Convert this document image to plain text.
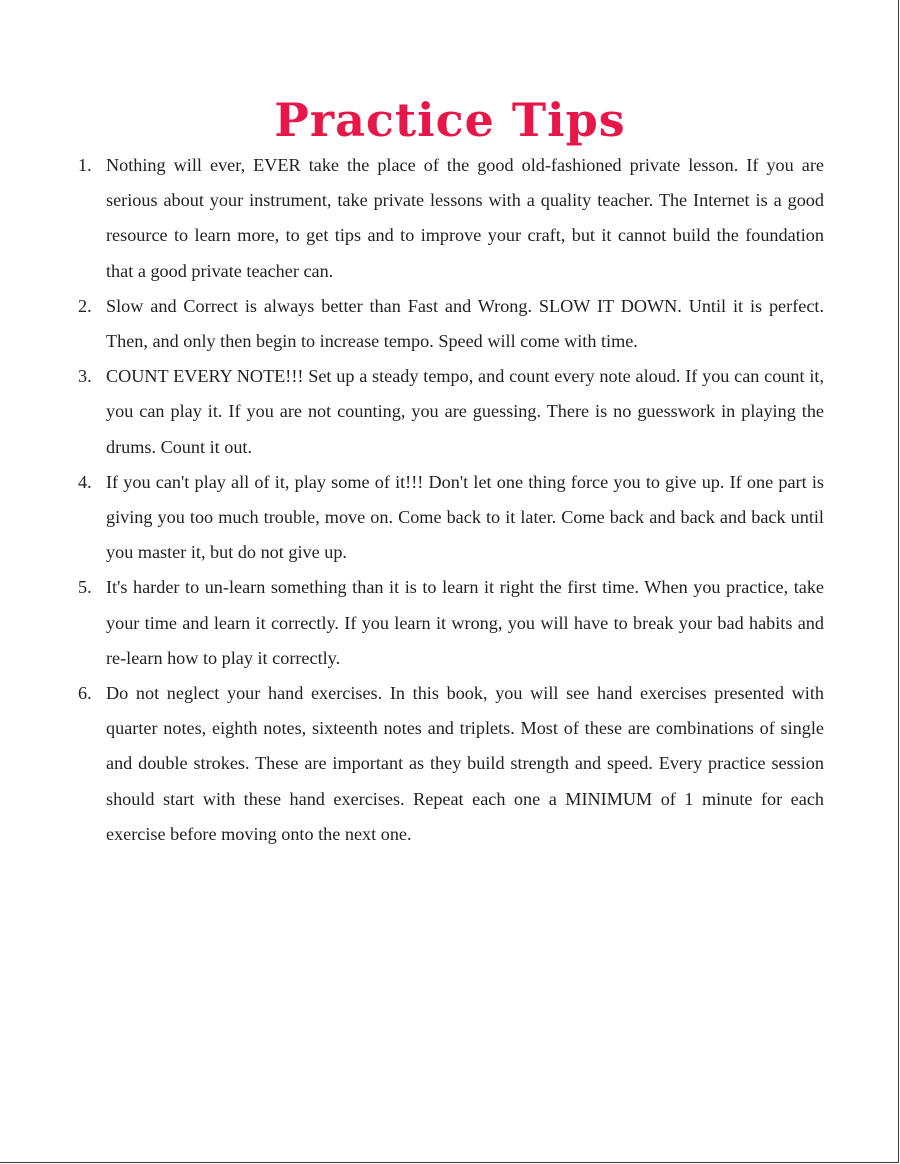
Practice Tips
1. Nothing will ever, EVER take the place of the good old-fashioned private lesson. If you are serious about your instrument, take private lessons with a quality teacher. The Internet is a good resource to learn more, to get tips and to improve your craft, but it cannot build the foundation that a good private teacher can.
2. Slow and Correct is always better than Fast and Wrong. SLOW IT DOWN. Until it is perfect. Then, and only then begin to increase tempo. Speed will come with time.
3. COUNT EVERY NOTE!!! Set up a steady tempo, and count every note aloud. If you can count it, you can play it. If you are not counting, you are guessing. There is no guesswork in playing the drums. Count it out.
4. If you can't play all of it, play some of it!!! Don't let one thing force you to give up. If one part is giving you too much trouble, move on. Come back to it later. Come back and back and back until you master it, but do not give up.
5. It's harder to un-learn something than it is to learn it right the first time. When you practice, take your time and learn it correctly. If you learn it wrong, you will have to break your bad habits and re-learn how to play it correctly.
6. Do not neglect your hand exercises. In this book, you will see hand exercises presented with quarter notes, eighth notes, sixteenth notes and triplets. Most of these are combinations of single and double strokes. These are important as they build strength and speed. Every practice session should start with these hand exercises. Repeat each one a MINIMUM of 1 minute for each exercise before moving onto the next one.
